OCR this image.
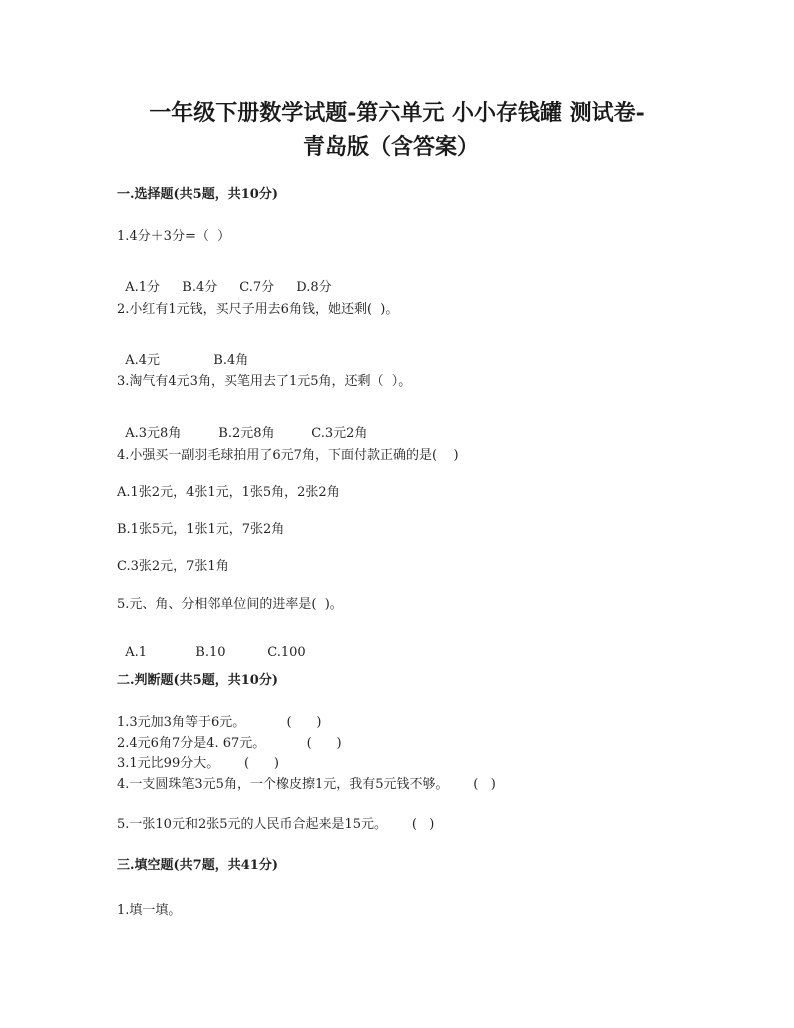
一年级下册数学试题-第六单元 小小存钱罐 测试卷-
青岛版（含答案）
一.选择题(共5题，共10分)
1.4分＋3分=（  ）

A.1分 B.4分 C.7分 D.8分

2.小红有1元钱，买尺子用去6角钱，她还剩(  )。

A.4元	B.4角

3.淘气有4元3角，买笔用去了1元5角，还剩（  ）。

A.3元8角	B.2元8角	C.3元2角

4.小强买一副羽毛球拍用了6元7角，下面付款正确的是(    )
A.1张2元，4张1元，1张5角，2张2角
B.1张5元，1张1元，7张2角
C.3张2元，7张1角
5.元、角、分相邻单位间的进率是(  )。

A.1	B.10	C.100

二.判断题(共5题，共10分)
1.3元加3角等于6元。          (      )
2.4元6角7分是4. 67元。          (      )
3.1元比99分大。      (      )
4.一支圆珠笔3元5角，一个橡皮擦1元，我有5元钱不够。      (   )
5.一张10元和2张5元的人民币合起来是15元。      (   )
三.填空题(共7题，共41分)
1.填一填。
